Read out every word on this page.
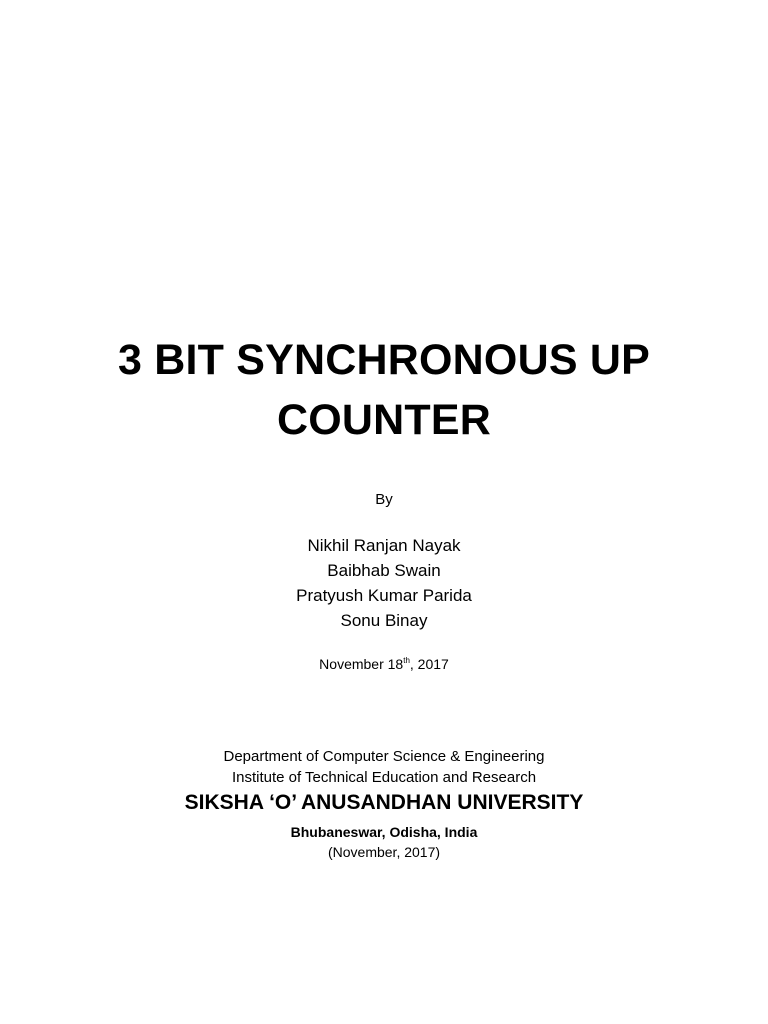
3 BIT SYNCHRONOUS UP
COUNTER
By
Nikhil Ranjan Nayak
Baibhab Swain
Pratyush Kumar Parida
Sonu Binay
November 18th, 2017
Department of Computer Science & Engineering
Institute of Technical Education and Research
SIKSHA ‘O’ ANUSANDHAN UNIVERSITY
Bhubaneswar, Odisha, India
(November, 2017)
